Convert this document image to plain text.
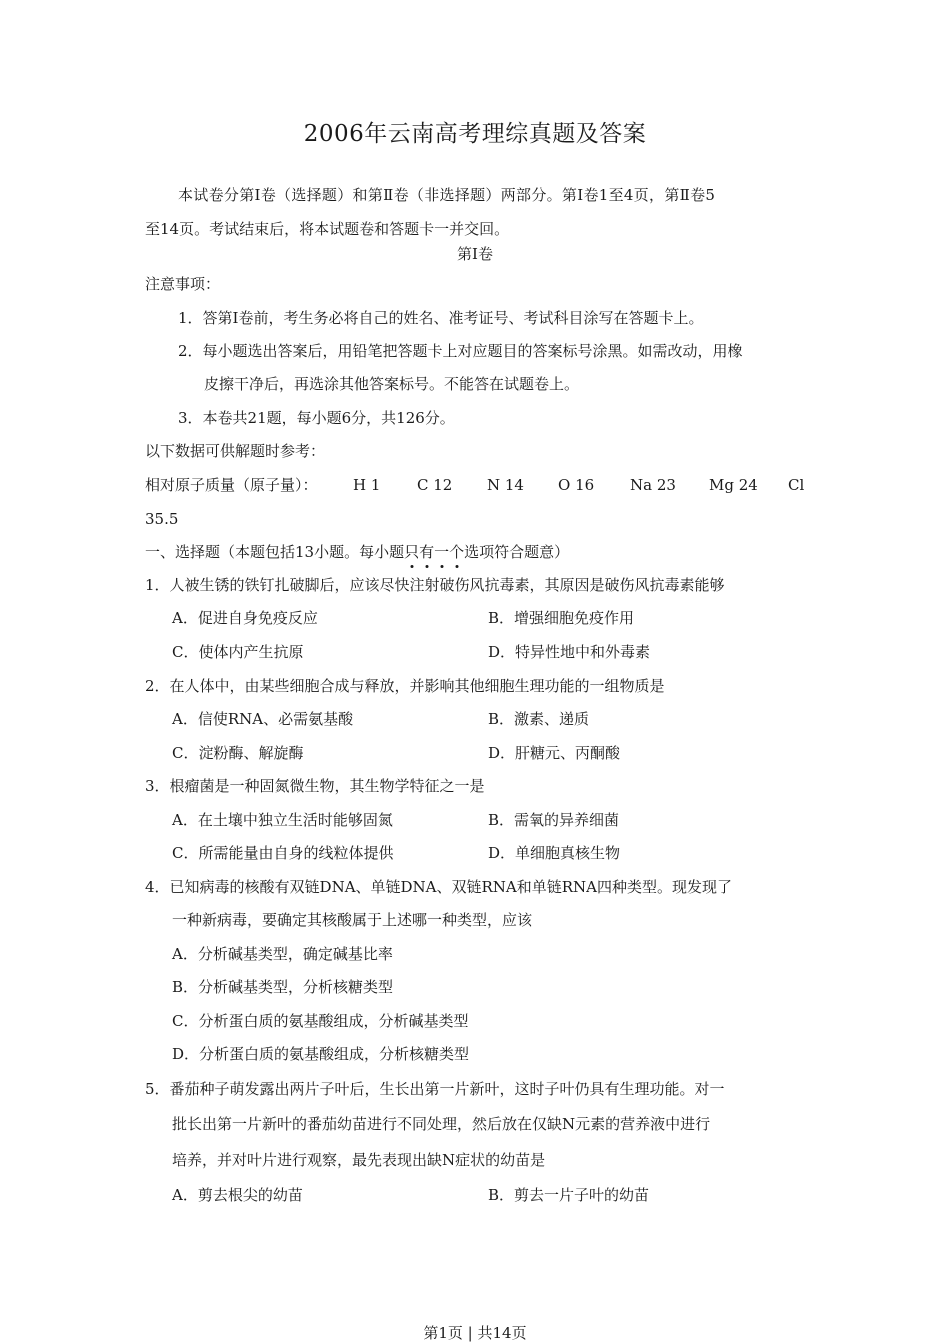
2006年云南高考理综真题及答案
本试卷分第Ⅰ卷（选择题）和第Ⅱ卷（非选择题）两部分。第Ⅰ卷1至4页，第Ⅱ卷5
至14页。考试结束后，将本试题卷和答题卡一并交回。
第Ⅰ卷
注意事项：
1．答第Ⅰ卷前，考生务必将自己的姓名、准考证号、考试科目涂写在答题卡上。
2．每小题选出答案后，用铅笔把答题卡上对应题目的答案标号涂黑。如需改动，用橡
皮擦干净后，再选涂其他答案标号。不能答在试题卷上。
3．本卷共21题，每小题6分，共126分。
以下数据可供解题时参考：
相对原子质量（原子量）： H 1 C 12 N 14 O 16 Na 23 Mg 24 Cl
35.5
一、选择题（本题包括13小题。每小题只有一个选项符合题意）
1．人被生锈的铁钉扎破脚后，应该尽快注射破伤风抗毒素，其原因是破伤风抗毒素能够
A．促进自身免疫反应	B．增强细胞免疫作用
C．使体内产生抗原	D．特异性地中和外毒素
2．在人体中，由某些细胞合成与释放，并影响其他细胞生理功能的一组物质是
A．信使RNA、必需氨基酸	B．激素、递质
C．淀粉酶、解旋酶	D．肝糖元、丙酮酸
3．根瘤菌是一种固氮微生物，其生物学特征之一是
A．在土壤中独立生活时能够固氮	B．需氧的异养细菌
C．所需能量由自身的线粒体提供	D．单细胞真核生物
4．已知病毒的核酸有双链DNA、单链DNA、双链RNA和单链RNA四种类型。现发现了
一种新病毒，要确定其核酸属于上述哪一种类型，应该
A．分析碱基类型，确定碱基比率
B．分析碱基类型，分析核糖类型
C．分析蛋白质的氨基酸组成，分析碱基类型
D．分析蛋白质的氨基酸组成，分析核糖类型
5．番茄种子萌发露出两片子叶后，生长出第一片新叶，这时子叶仍具有生理功能。对一
批长出第一片新叶的番茄幼苗进行不同处理，然后放在仅缺N元素的营养液中进行
培养，并对叶片进行观察，最先表现出缺N症状的幼苗是
A．剪去根尖的幼苗	B．剪去一片子叶的幼苗
第1页 | 共14页
